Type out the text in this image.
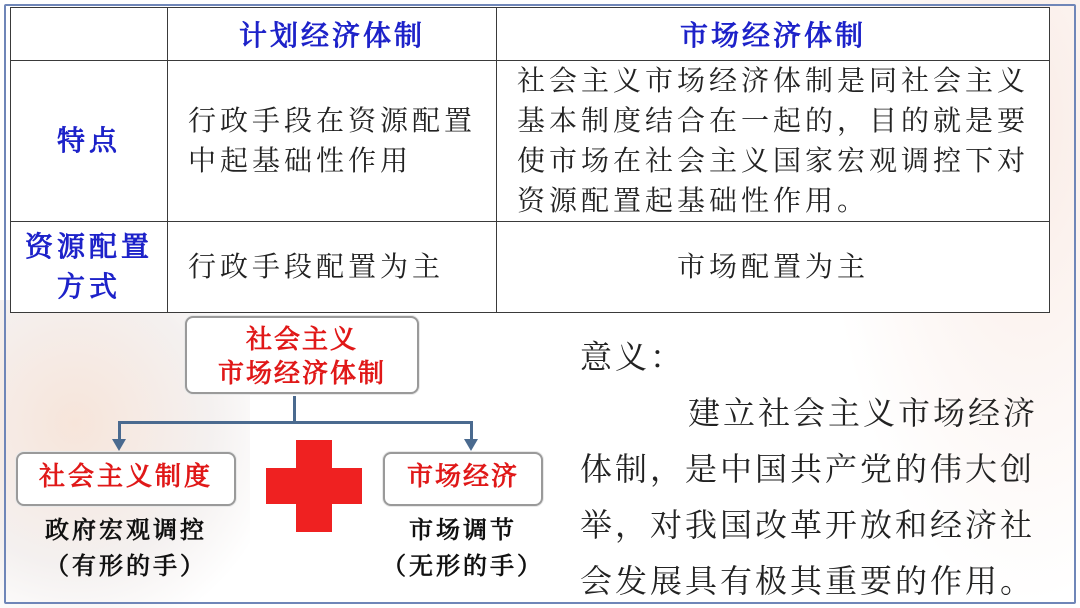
	计划经济体制	市场经济体制
特点	行政手段在资源配置中起基础性作用	社会主义市场经济体制是同社会主义基本制度结合在一起的，目的就是要使市场在社会主义国家宏观调控下对资源配置起基础性作用。
资源配置方式	行政手段配置为主	市场配置为主
社会主义
市场经济体制
社会主义制度
政府宏观调控
（有形的手）
市场经济
市场调节
（无形的手）
意义：
建立社会主义市场经济
体制，是中国共产党的伟大创
举，对我国改革开放和经济社
会发展具有极其重要的作用。
